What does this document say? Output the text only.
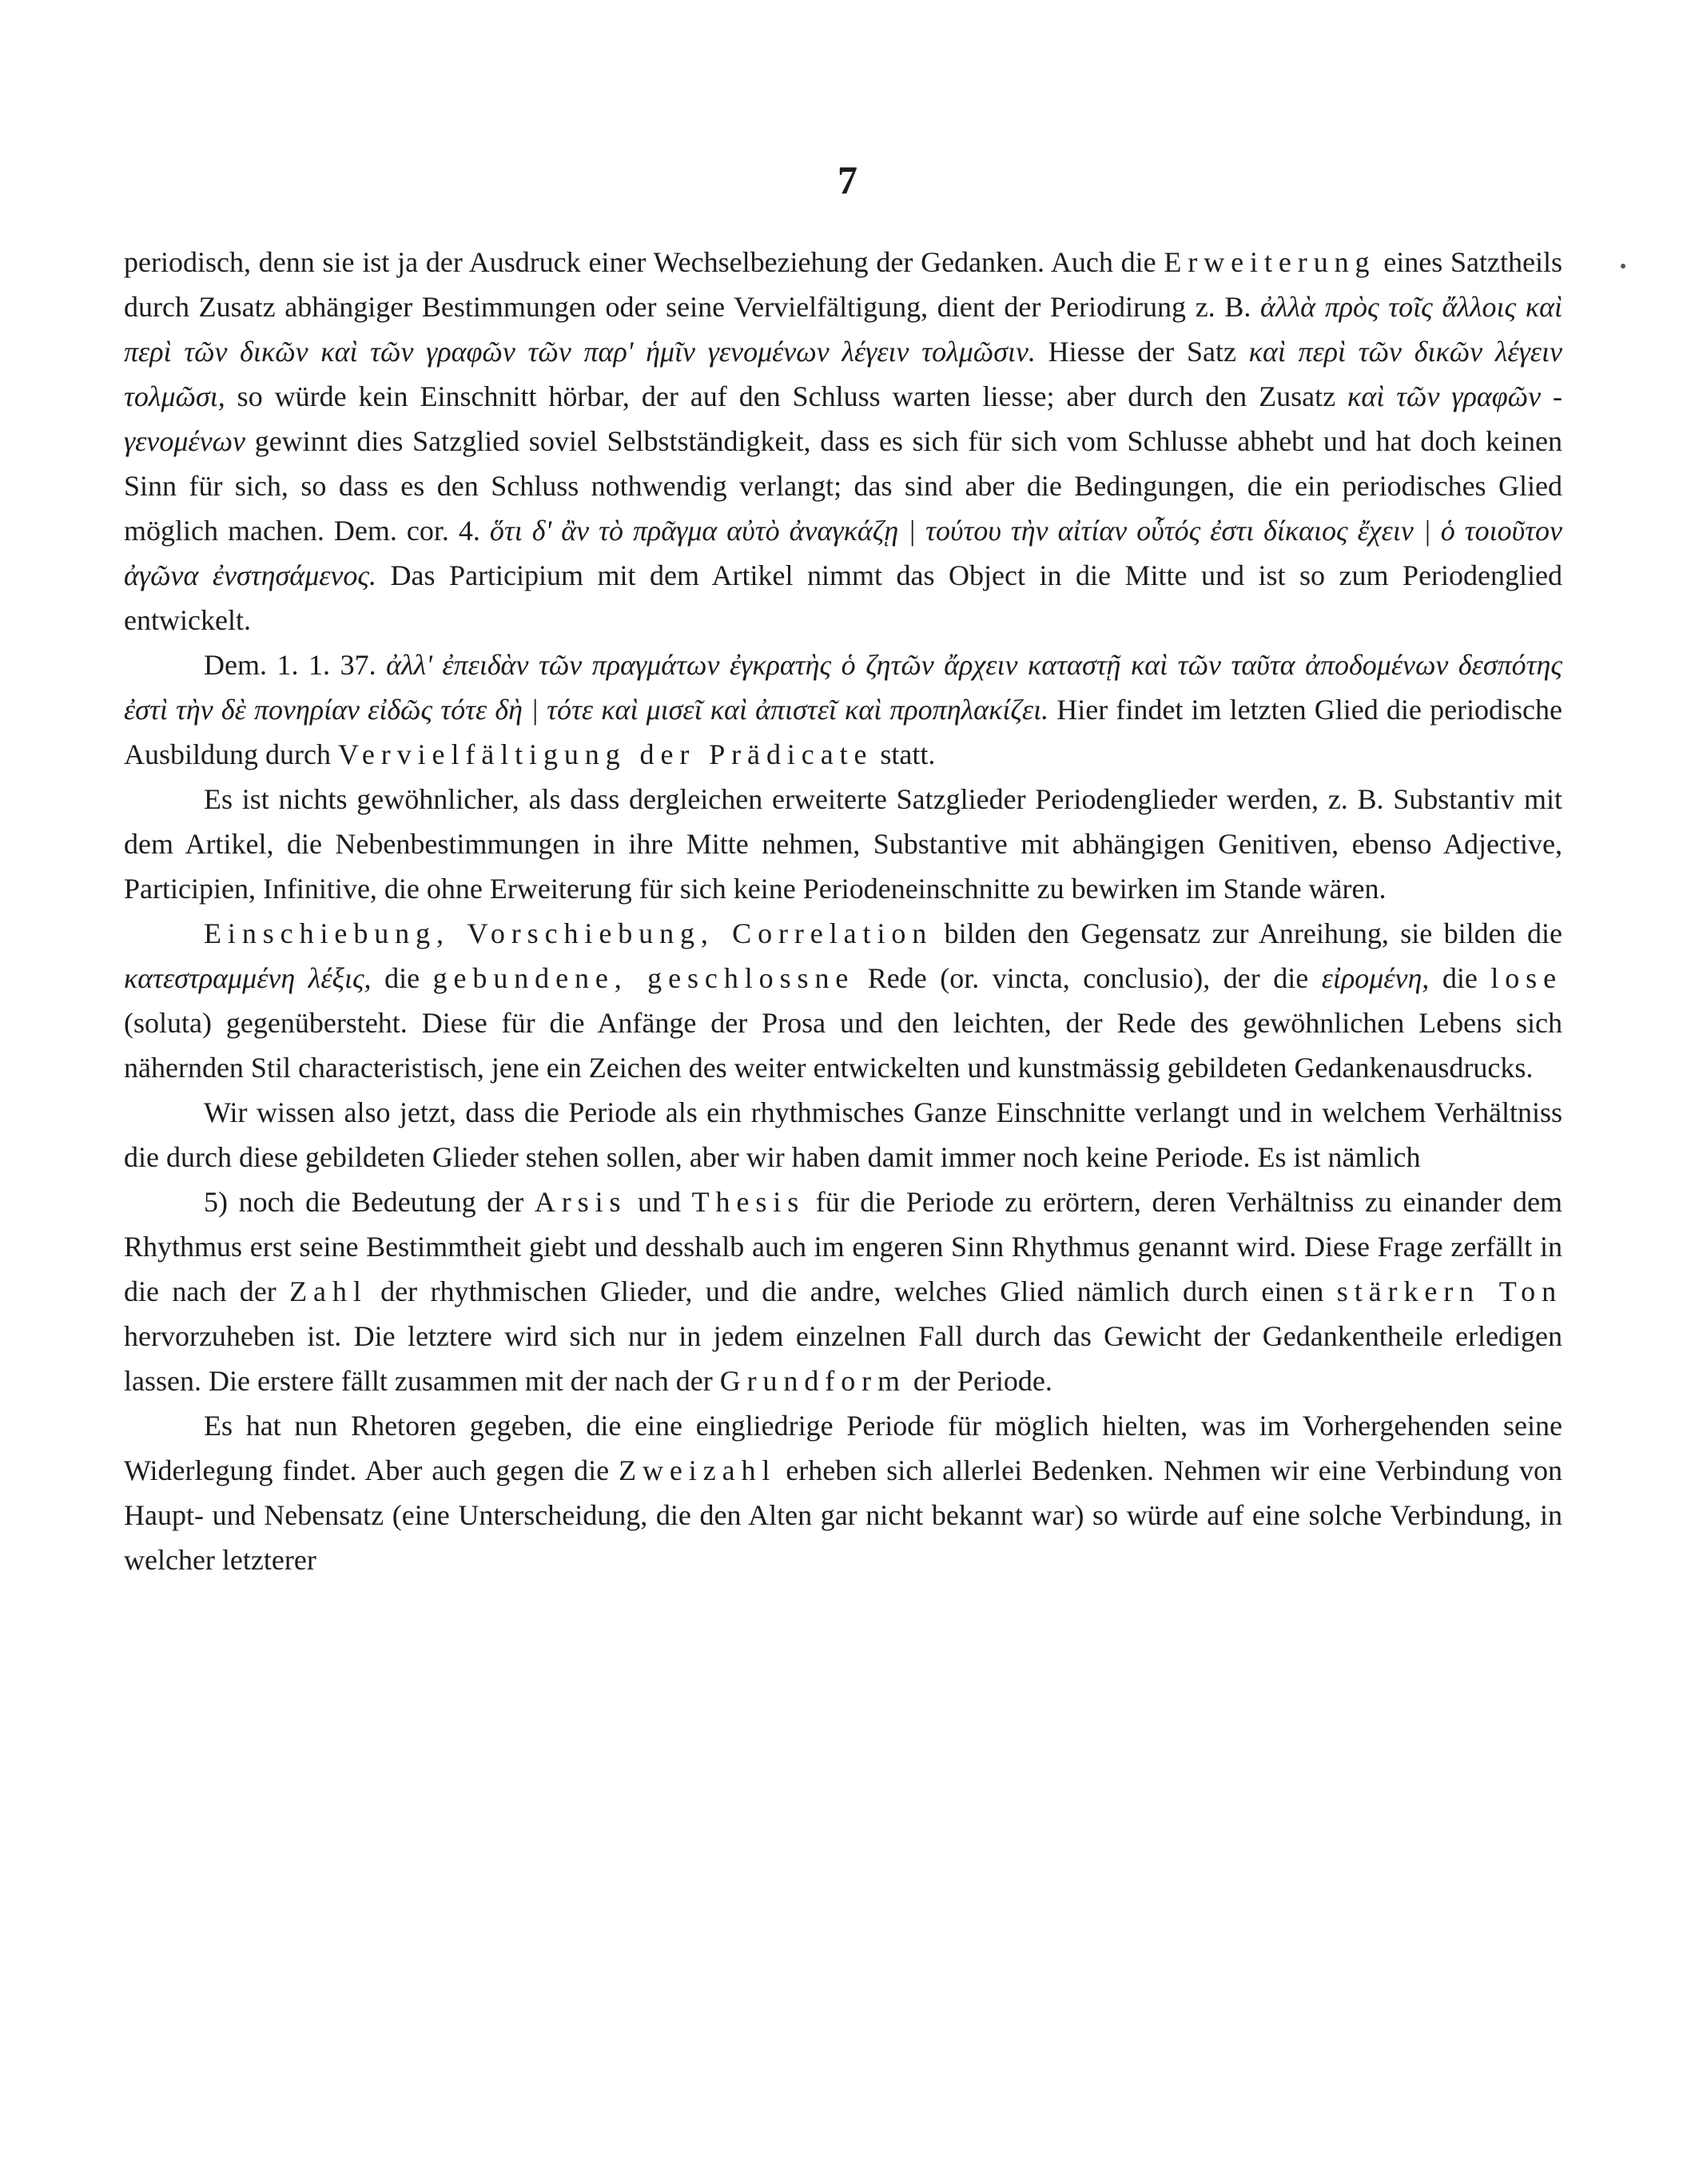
7

periodisch, denn sie ist ja der Ausdruck einer Wechselbeziehung der Gedanken. Auch die Erweiterung eines Satztheils durch Zusatz abhängiger Bestimmungen oder seine Vervielfältigung, dient der Periodirung z. B. ἀλλὰ πρὸς τοῖς ἄλλοις καὶ περὶ τῶν δικῶν καὶ τῶν γραφῶν τῶν παρ' ἡμῖν γενομένων λέγειν τολμῶσιν. Hiesse der Satz καὶ περὶ τῶν δικῶν λέγειν τολμῶσι, so würde kein Einschnitt hörbar, der auf den Schluss warten liesse; aber durch den Zusatz καὶ τῶν γραφῶν - γενομένων gewinnt dies Satzglied soviel Selbstständigkeit, dass es sich für sich vom Schlusse abhebt und hat doch keinen Sinn für sich, so dass es den Schluss nothwendig verlangt; das sind aber die Bedingungen, die ein periodisches Glied möglich machen. Dem. cor. 4. ὅτι δ' ἂν τὸ πρᾶγμα αὐτὸ ἀναγκάζῃ | τούτου τὴν αἰτίαν οὗτός ἐστι δίκαιος ἔχειν | ὁ τοιοῦτον ἀγῶνα ἐνστησάμενος. Das Participium mit dem Artikel nimmt das Object in die Mitte und ist so zum Periodenglied entwickelt.

Dem. 1. 1. 37. ἀλλ' ἐπειδὰν τῶν πραγμάτων ἐγκρατὴς ὁ ζητῶν ἄρχειν καταστῇ καὶ τῶν ταῦτα ἀποδομένων δεσπότης ἐστὶ τὴν δὲ πονηρίαν εἰδῶς τότε δὴ | τότε καὶ μισεῖ καὶ ἀπιστεῖ καὶ προπηλακίζει. Hier findet im letzten Glied die periodische Ausbildung durch Vervielfältigung der Prädicate statt.

Es ist nichts gewöhnlicher, als dass dergleichen erweiterte Satzglieder Periodenglieder werden, z. B. Substantiv mit dem Artikel, die Nebenbestimmungen in ihre Mitte nehmen, Substantive mit abhängigen Genitiven, ebenso Adjective, Participien, Infinitive, die ohne Erweiterung für sich keine Periodeneinschnitte zu bewirken im Stande wären.

Einschiebung, Vorschiebung, Correlation bilden den Gegensatz zur Anreihung, sie bilden die κατεστραμμένη λέξις, die gebundene, geschlossne Rede (or. vincta, conclusio), der die εἰρομένη, die lose (soluta) gegenübersteht. Diese für die Anfänge der Prosa und den leichten, der Rede des gewöhnlichen Lebens sich nähernden Stil characteristisch, jene ein Zeichen des weiter entwickelten und kunstmässig gebildeten Gedankenausdrucks.

Wir wissen also jetzt, dass die Periode als ein rhythmisches Ganze Einschnitte verlangt und in welchem Verhältniss die durch diese gebildeten Glieder stehen sollen, aber wir haben damit immer noch keine Periode. Es ist nämlich

5) noch die Bedeutung der Arsis und Thesis für die Periode zu erörtern, deren Verhältniss zu einander dem Rhythmus erst seine Bestimmtheit giebt und desshalb auch im engeren Sinn Rhythmus genannt wird. Diese Frage zerfällt in die nach der Zahl der rhythmischen Glieder, und die andre, welches Glied nämlich durch einen stärkern Ton hervorzuheben ist. Die letztere wird sich nur in jedem einzelnen Fall durch das Gewicht der Gedankentheile erledigen lassen. Die erstere fällt zusammen mit der nach der Grundform der Periode.

Es hat nun Rhetoren gegeben, die eine eingliedrige Periode für möglich hielten, was im Vorhergehenden seine Widerlegung findet. Aber auch gegen die Zweizahl erheben sich allerlei Bedenken. Nehmen wir eine Verbindung von Haupt- und Nebensatz (eine Unterscheidung, die den Alten gar nicht bekannt war) so würde auf eine solche Verbindung, in welcher letzterer
